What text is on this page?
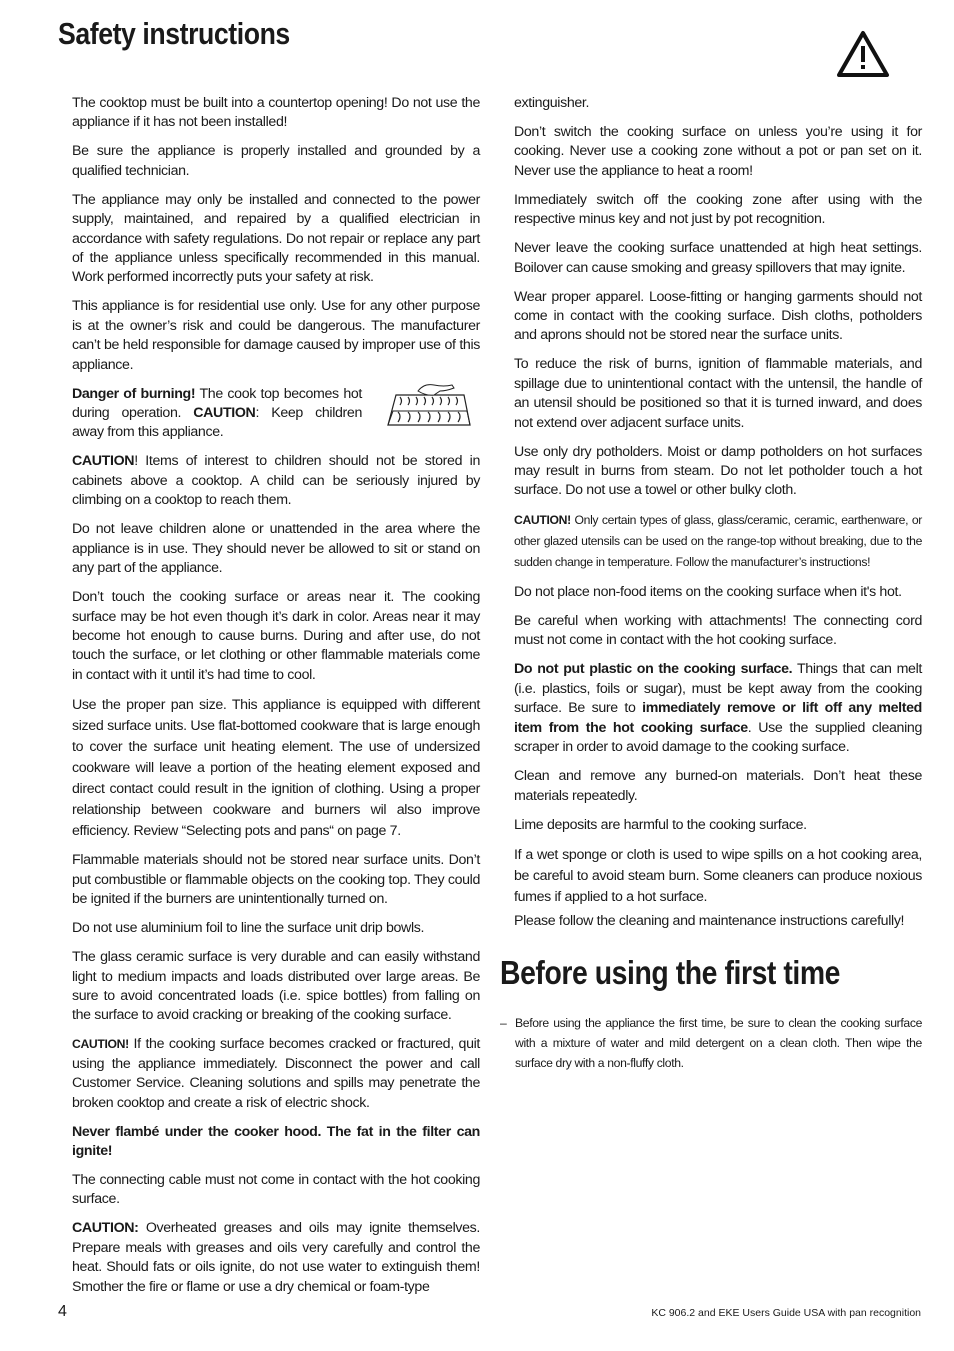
Safety instructions

The cooktop must be built into a countertop opening! Do not use the appliance if it has not been installed!

Be sure the appliance is properly installed and grounded by a qualified technician.

The appliance may only be installed and connected to the power supply, maintained, and repaired by a qualified electrician in accordance with safety regulations. Do not repair or replace any part of the appliance unless specifically recommended in this manual. Work performed incorrectly puts your safety at risk.

This appliance is for residential use only. Use for any other purpose is at the owner’s risk and could be dangerous. The manufacturer can’t be held responsible for damage caused by improper use of this appliance.

Danger of burning! The cook top becomes hot during operation. CAUTION: Keep children away from this appliance.

CAUTION! Items of interest to children should not be stored in cabinets above a cooktop. A child can be seriously injured by climbing on a cooktop to reach them.

Do not leave children alone or unattended in the area where the appliance is in use. They should never be allowed to sit or stand on any part of the appliance.

Don’t touch the cooking surface or areas near it. The cooking surface may be hot even though it’s dark in color. Areas near it may become hot enough to cause burns. During and after use, do not touch the surface, or let clothing or other flammable materials come in contact with it until it’s had time to cool.

Use the proper pan size. This appliance is equipped with different sized surface units. Use flat-bottomed cookware that is large enough to cover the surface unit heating element. The use of undersized cookware will leave a portion of the heating element exposed and direct contact could result in the ignition of clothing. Using a proper relationship between cookware and burners wil also improve efficiency. Review “Selecting pots and pans“ on page 7.

Flammable materials should not be stored near surface units. Don’t put combustible or flammable objects on the cooking top. They could be ignited if the burners are unintentionally turned on.

Do not use aluminium foil to line the surface unit drip bowls.

The glass ceramic surface is very durable and can easily withstand light to medium impacts and loads distributed over large areas. Be sure to avoid concentrated loads (i.e. spice bottles) from falling on the surface to avoid cracking or breaking of the cooking surface.

CAUTION! If the cooking surface becomes cracked or fractured, quit using the appliance immediately. Disconnect the power and call Customer Service. Cleaning solutions and spills may penetrate the broken cooktop and create a risk of electric shock.

Never flambé under the cooker hood. The fat in the filter can ignite!

The connecting cable must not come in contact with the hot cooking surface.

CAUTION: Overheated greases and oils may ignite themselves. Prepare meals with greases and oils very carefully and control the heat. Should fats or oils ignite, do not use water to extinguish them! Smother the fire or flame or use a dry chemical or foam-type

extinguisher.

Don’t switch the cooking surface on unless you’re using it for cooking. Never use a cooking zone without a pot or pan set on it. Never use the appliance to heat a room!

Immediately switch off the cooking zone after using with the respective minus key and not just by pot recognition.

Never leave the cooking surface unattended at high heat settings. Boilover can cause smoking and greasy spillovers that may ignite.

Wear proper apparel. Loose-fitting or hanging garments should not come in contact with the cooking surface. Dish cloths, potholders and aprons should not be stored near the surface units.

To reduce the risk of burns, ignition of flammable materials, and spillage due to unintentional contact with the untensil, the handle of an utensil should be positioned so that it is turned inward, and does not extend over adjacent surface units.

Use only dry potholders. Moist or damp potholders on hot surfaces may result in burns from steam. Do not let potholder touch a hot surface. Do not use a towel or other bulky cloth.

CAUTION! Only certain types of glass, glass/ceramic, ceramic, earthenware, or other glazed utensils can be used on the range-top without breaking, due to the sudden change in temperature. Follow the manufacturer’s instructions!

Do not place non-food items on the cooking surface when it's hot.

Be careful when working with attachments! The connecting cord must not come in contact with the hot cooking surface.

Do not put plastic on the cooking surface. Things that can melt (i.e. plastics, foils or sugar), must be kept away from the cooking surface. Be sure to immediately remove or lift off any melted item from the hot cooking surface. Use the supplied cleaning scraper in order to avoid damage to the cooking surface.

Clean and remove any burned-on materials. Don’t heat these materials repeatedly.

Lime deposits are harmful to the cooking surface.

If a wet sponge or cloth is used to wipe spills on a hot cooking area, be careful to avoid steam burn. Some cleaners can produce noxious fumes if applied to a hot surface.

Please follow the cleaning and maintenance instructions carefully!

Before using the first time
– Before using the appliance the first time, be sure to clean the cooking surface with a mixture of water and mild detergent on a clean cloth. Then wipe the surface dry with a non-fluffy cloth.
4	KC 906.2 and EKE Users Guide USA with pan recognition
